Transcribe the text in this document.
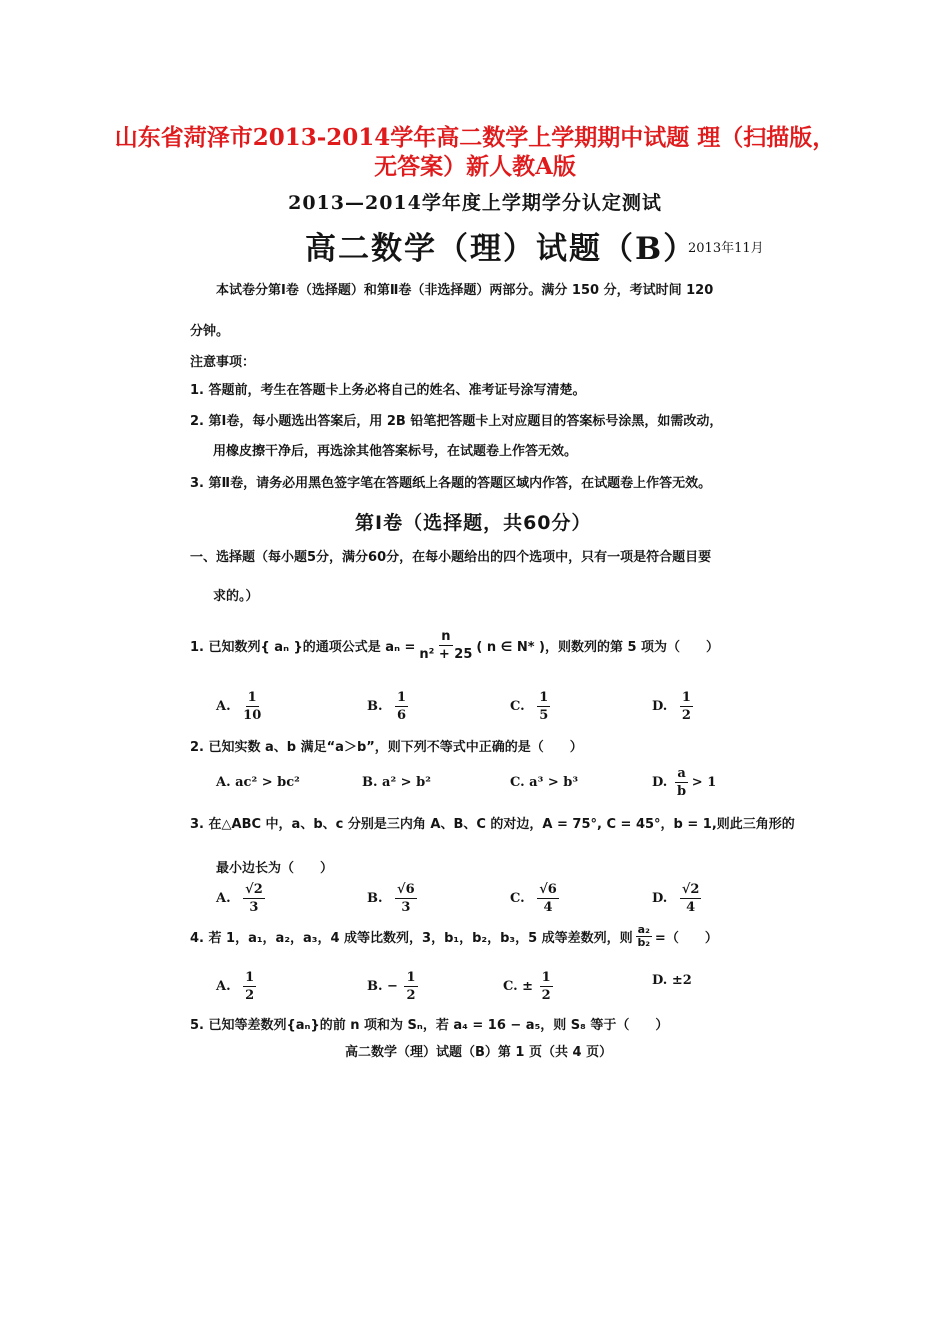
山东省菏泽市2013-2014学年高二数学上学期期中试题 理（扫描版，
无答案）新人教A版
2013—2014学年度上学期学分认定测试
高二数学（理）试题（B）
2013年11月
本试卷分第Ⅰ卷（选择题）和第Ⅱ卷（非选择题）两部分。满分 150 分，考试时间 120
分钟。
注意事项：
1. 答题前，考生在答题卡上务必将自己的姓名、准考证号涂写清楚。
2. 第Ⅰ卷，每小题选出答案后，用 2B 铅笔把答题卡上对应题目的答案标号涂黑，如需改动，
用橡皮擦干净后，再选涂其他答案标号，在试题卷上作答无效。
3. 第Ⅱ卷，请务必用黑色签字笔在答题纸上各题的答题区域内作答，在试题卷上作答无效。
第Ⅰ卷（选择题，共60分）
一、选择题（每小题5分，满分60分，在每小题给出的四个选项中，只有一项是符合题目要
求的。）
1. 已知数列{ aₙ }的通项公式是 $a_n = \frac{n}{\text{n² + 25}}$ ( n ∈ N* )，则数列的第 5 项为（　　）
A. $\frac{1}{10}$	B. $\frac{1}{6}$	C. $\frac{1}{5}$	D. $\frac{1}{2}$
2. 已知实数 a、b 满足“a＞b”，则下列不等式中正确的是（　　）
A. ac² > bc²	B. a² > b²	C. a³ > b³	D. $\frac{a}{b} > 1$
3. 在△ABC 中，a、b、c 分别是三内角 A、B、C 的对边，A = 75°, C = 45°，b = 1,则此三角形的
最小边长为（　　）
A. $\frac{√2}{3}$	B. $\frac{√6}{3}$	C. $\frac{√6}{4}$	D. $\frac{√2}{4}$
4. 若 1，a₁，a₂，a₃，4 成等比数列，3，b₁，b₂，b₃，5 成等差数列，则 $\frac{\text{a₂}}{\text{b₂}}$ =（　　）
A. $\frac{1}{2}$	B. − $\frac{1}{2}$	C. ± $\frac{1}{2}$	D. ±2
5. 已知等差数列{aₙ}的前 n 项和为 Sₙ，若 a₄ = 16 − a₅，则 S₈ 等于（　　）
高二数学（理）试题（B）第 1 页（共 4 页）
